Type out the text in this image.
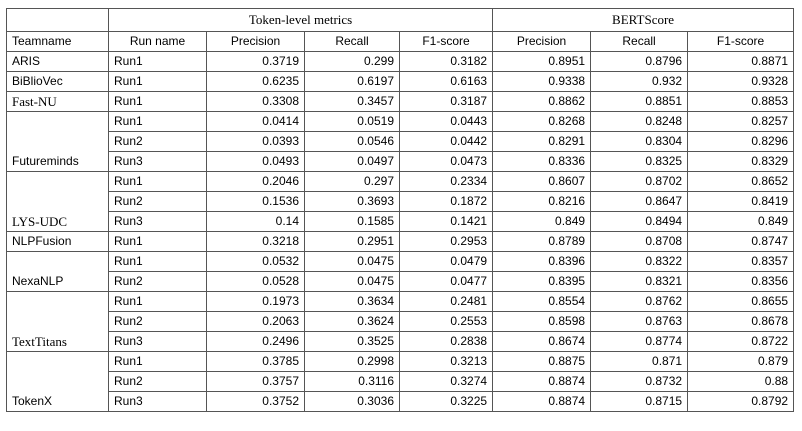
	Token-level metrics				BERTScore		
Teamname	Run name	Precision	Recall	F1-score	Precision	Recall	F1-score
ARIS	Run1	0.3719	0.299	0.3182	0.8951	0.8796	0.8871
BiBlioVec	Run1	0.6235	0.6197	0.6163	0.9338	0.932	0.9328
Fast-NU	Run1	0.3308	0.3457	0.3187	0.8862	0.8851	0.8853
Futureminds	Run1	0.0414	0.0519	0.0443	0.8268	0.8248	0.8257
	Run2	0.0393	0.0546	0.0442	0.8291	0.8304	0.8296
	Run3	0.0493	0.0497	0.0473	0.8336	0.8325	0.8329
LYS-UDC	Run1	0.2046	0.297	0.2334	0.8607	0.8702	0.8652
	Run2	0.1536	0.3693	0.1872	0.8216	0.8647	0.8419
	Run3	0.14	0.1585	0.1421	0.849	0.8494	0.849
NLPFusion	Run1	0.3218	0.2951	0.2953	0.8789	0.8708	0.8747
NexaNLP	Run1	0.0532	0.0475	0.0479	0.8396	0.8322	0.8357
	Run2	0.0528	0.0475	0.0477	0.8395	0.8321	0.8356
TextTitans	Run1	0.1973	0.3634	0.2481	0.8554	0.8762	0.8655
	Run2	0.2063	0.3624	0.2553	0.8598	0.8763	0.8678
	Run3	0.2496	0.3525	0.2838	0.8674	0.8774	0.8722
TokenX	Run1	0.3785	0.2998	0.3213	0.8875	0.871	0.879
	Run2	0.3757	0.3116	0.3274	0.8874	0.8732	0.88
	Run3	0.3752	0.3036	0.3225	0.8874	0.8715	0.8792
